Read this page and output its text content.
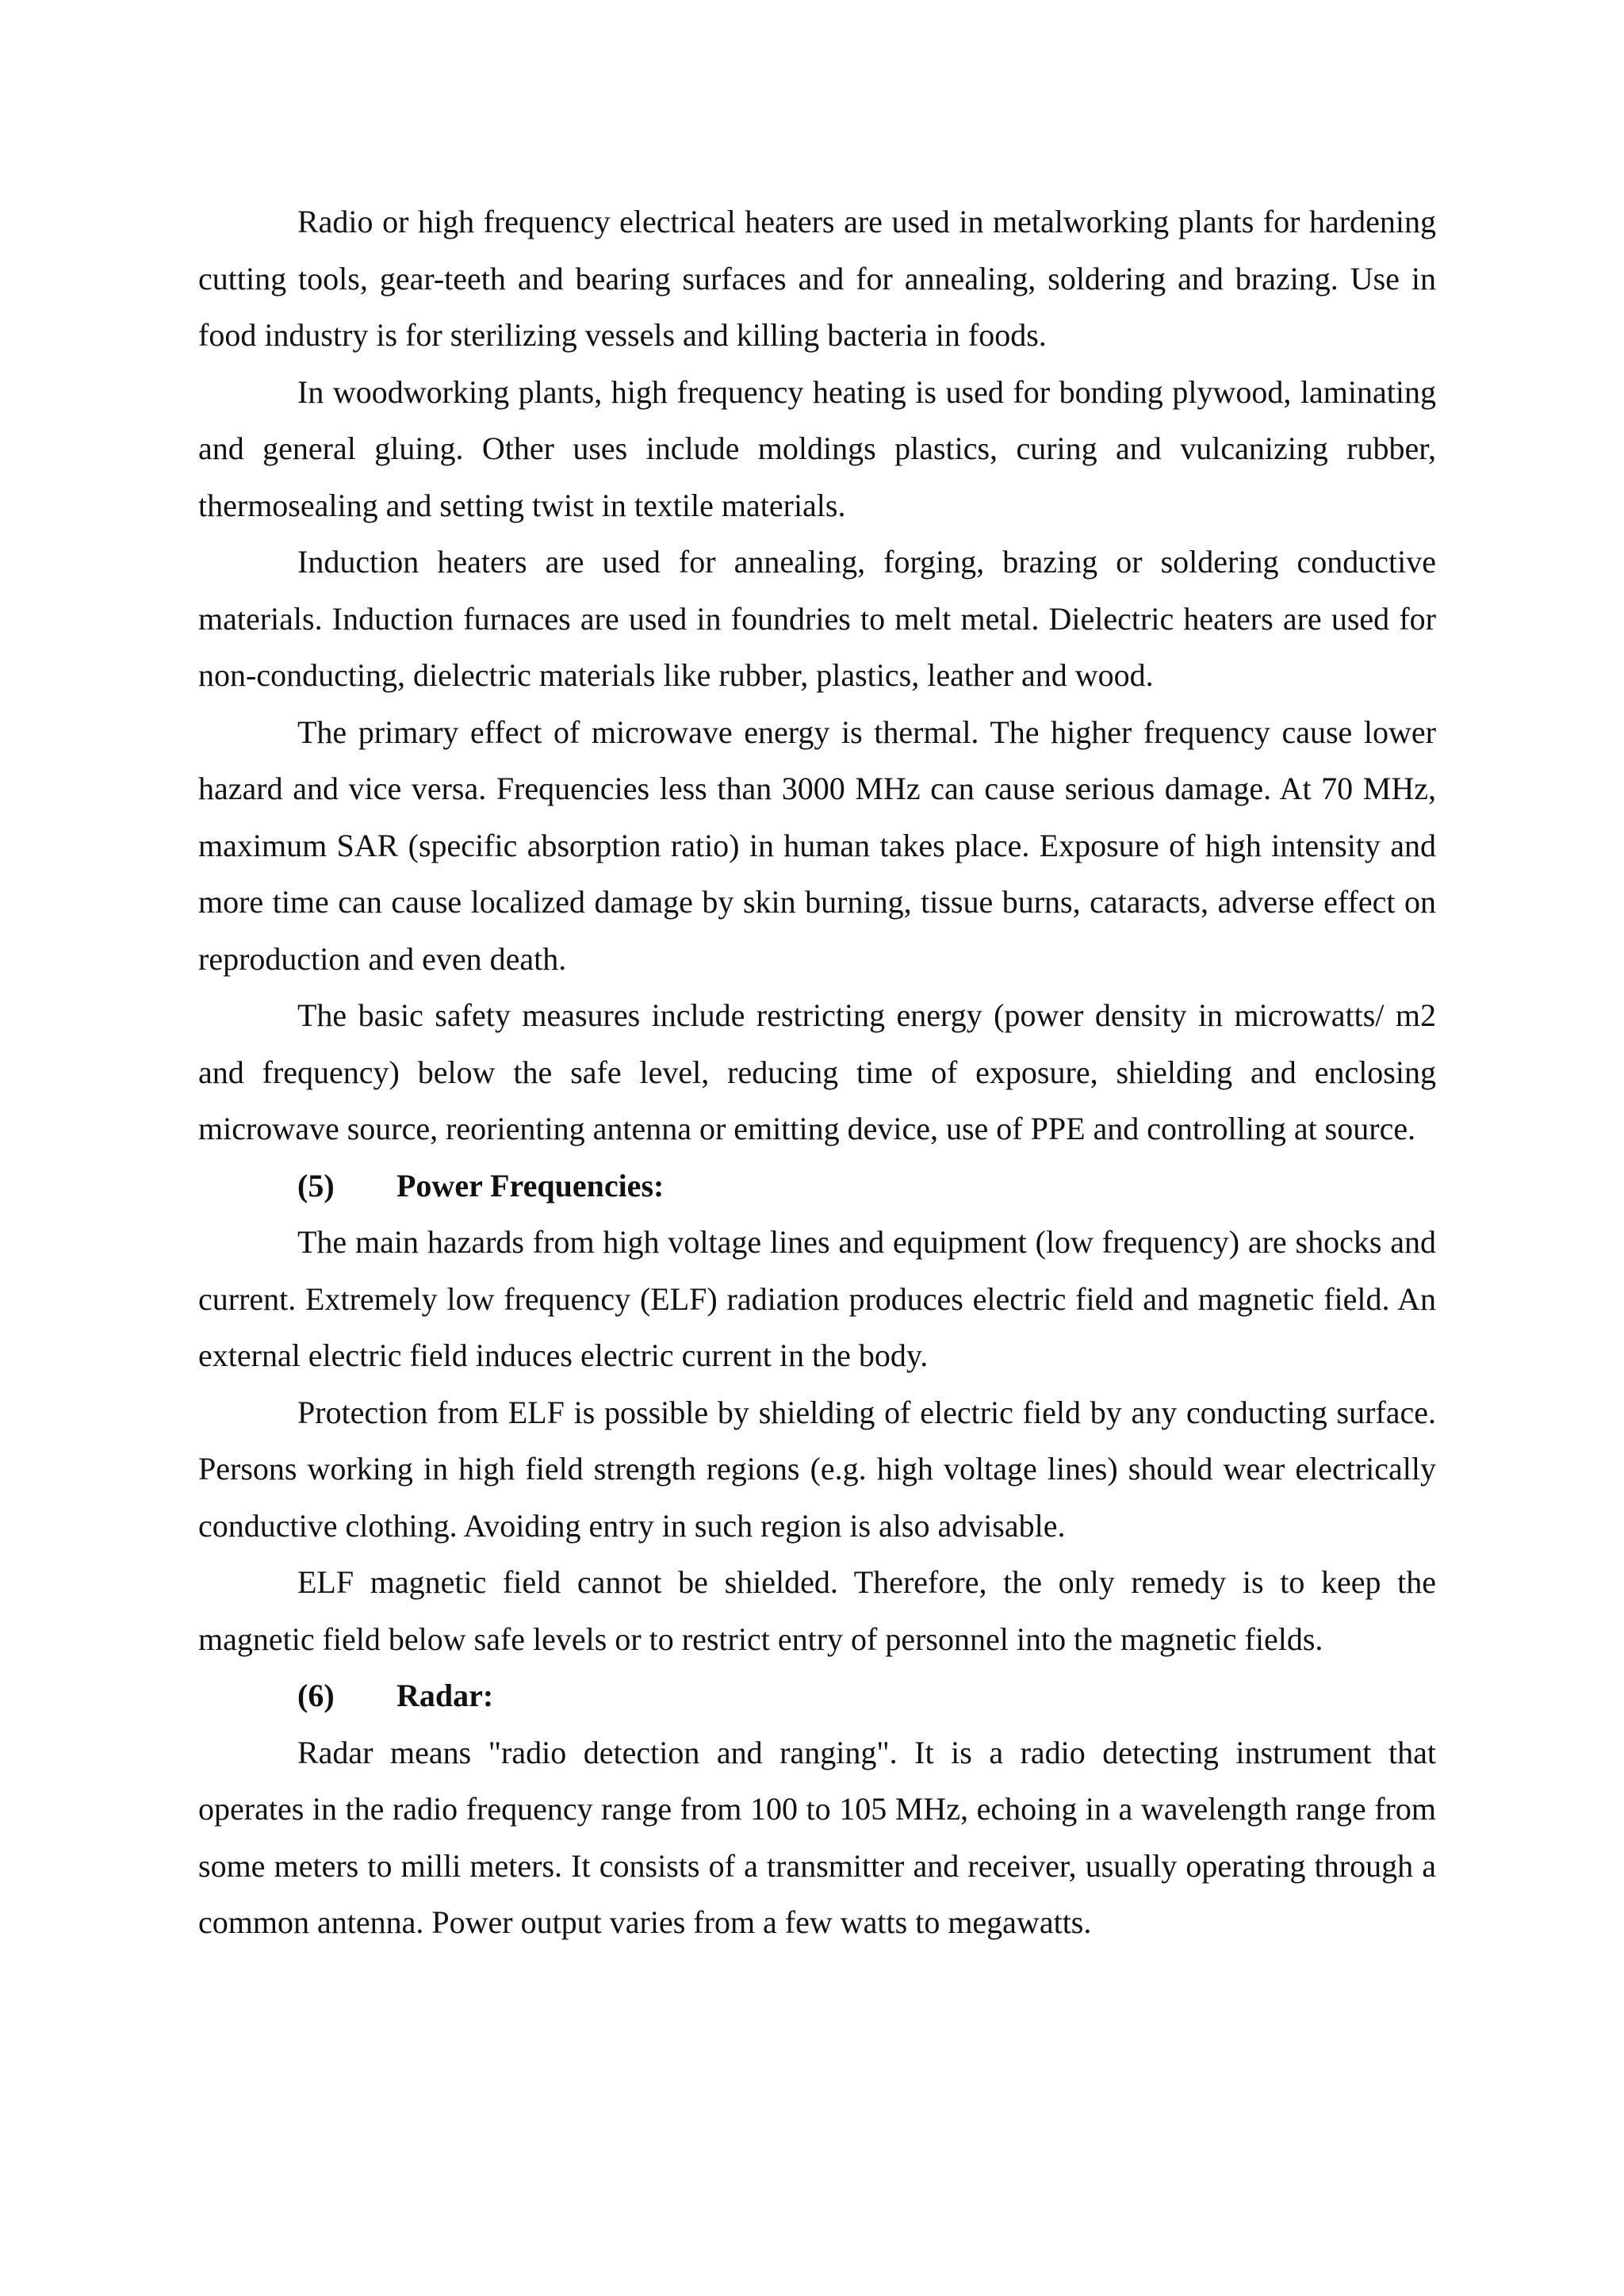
Radio or high frequency electrical heaters are used in metalworking plants for hardening cutting tools, gear-teeth and bearing surfaces and for annealing, soldering and brazing. Use in food industry is for sterilizing vessels and killing bacteria in foods.

In woodworking plants, high frequency heating is used for bonding plywood, laminating and general gluing. Other uses include moldings plastics, curing and vulcanizing rubber, thermosealing and setting twist in textile materials.

Induction heaters are used for annealing, forging, brazing or soldering conductive materials. Induction furnaces are used in foundries to melt metal. Dielectric heaters are used for non-conducting, dielectric materials like rubber, plastics, leather and wood.

The primary effect of microwave energy is thermal. The higher frequency cause lower hazard and vice versa. Frequencies less than 3000 MHz can cause serious damage. At 70 MHz, maximum SAR (specific absorption ratio) in human takes place. Exposure of high intensity and more time can cause localized damage by skin burning, tissue burns, cataracts, adverse effect on reproduction and even death.

The basic safety measures include restricting energy (power density in microwatts/ m2 and frequency) below the safe level, reducing time of exposure, shielding and enclosing microwave source, reorienting antenna or emitting device, use of PPE and controlling at source.

(5) Power Frequencies:

The main hazards from high voltage lines and equipment (low frequency) are shocks and current. Extremely low frequency (ELF) radiation produces electric field and magnetic field. An external electric field induces electric current in the body.

Protection from ELF is possible by shielding of electric field by any conducting surface. Persons working in high field strength regions (e.g. high voltage lines) should wear electrically conductive clothing. Avoiding entry in such region is also advisable.

ELF magnetic field cannot be shielded. Therefore, the only remedy is to keep the magnetic field below safe levels or to restrict entry of personnel into the magnetic fields.

(6) Radar:

Radar means "radio detection and ranging". It is a radio detecting instrument that operates in the radio frequency range from 100 to 105 MHz, echoing in a wavelength range from some meters to milli meters. It consists of a transmitter and receiver, usually operating through a common antenna. Power output varies from a few watts to megawatts.
